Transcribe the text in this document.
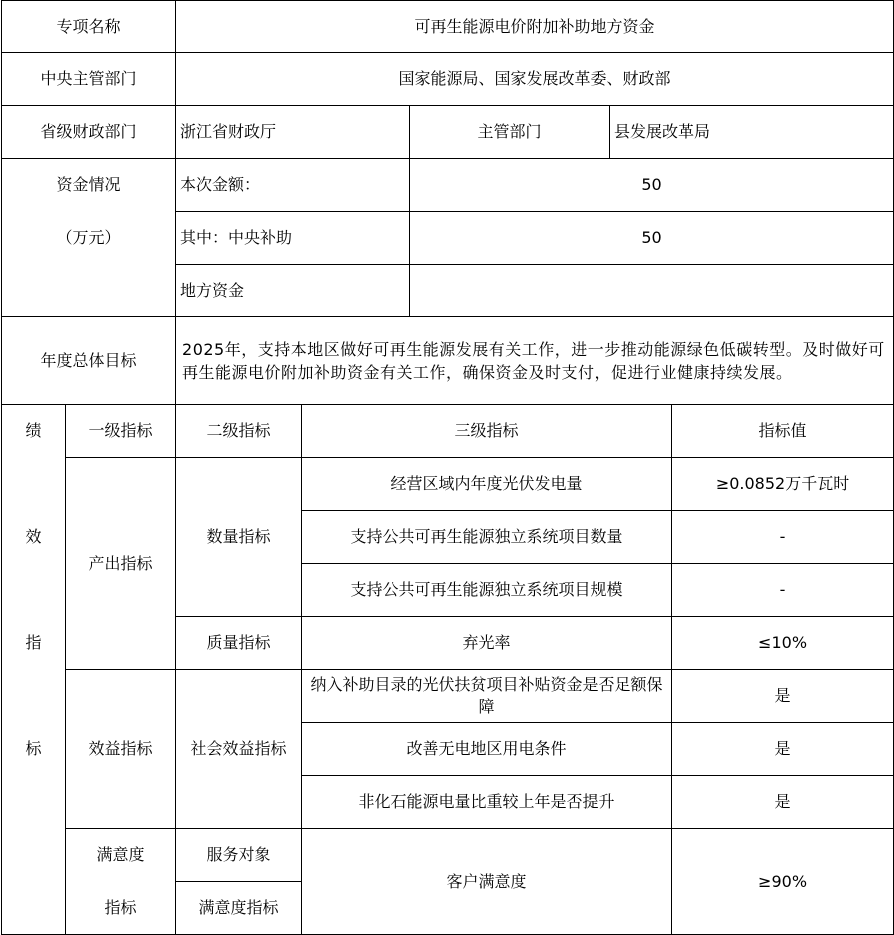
专项名称		可再生能源电价附加补助地方资金				
中央主管部门		国家能源局、国家发展改革委、财政部				
省级财政部门		浙江省财政厅		主管部门	县发展改革局	
资金情况		本次金额：		50		
（万元）		其中：中央补助		50		
		地方资金				
年度总体目标		2025年，支持本地区做好可再生能源发展有关工作，进一步推动能源绿色低碳转型。及时做好可再生能源电价附加补助资金有关工作，确保资金及时支付，促进行业健康持续发展。				
绩	一级指标	二级指标	三级指标			指标值
	产出指标	数量指标	经营区域内年度光伏发电量			≥0.0852万千瓦时
效			支持公共可再生能源独立系统项目数量			-
			支持公共可再生能源独立系统项目规模			-
指		质量指标	弃光率			≤10%
	效益指标	社会效益指标	纳入补助目录的光伏扶贫项目补贴资金是否足额保障			是
标			改善无电地区用电条件			是
			非化石能源电量比重较上年是否提升			是
	满意度	服务对象	客户满意度			≥90%
	指标	满意度指标				
